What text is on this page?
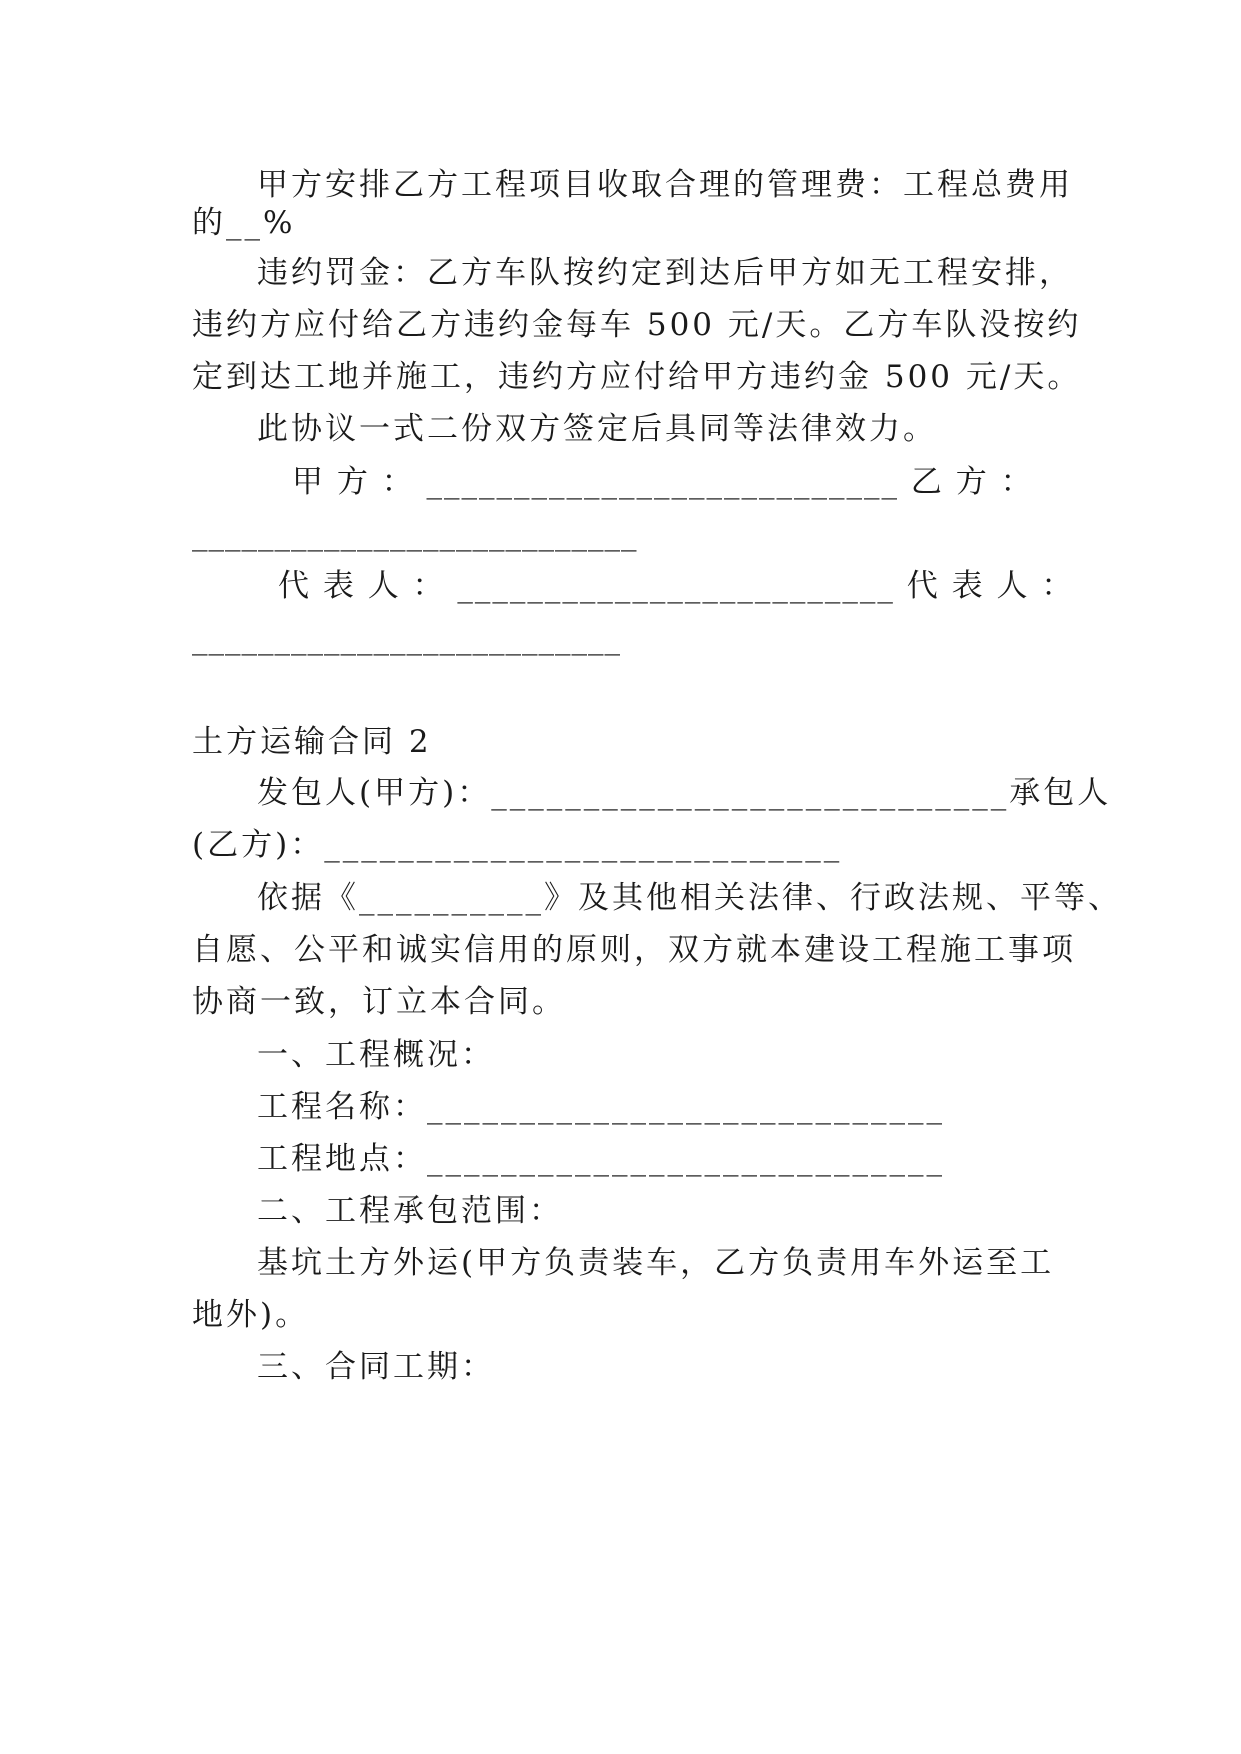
甲方安排乙方工程项目收取合理的管理费：工程总费用
的__%
违约罚金：乙方车队按约定到达后甲方如无工程安排，
违约方应付给乙方违约金每车 500 元/天。乙方车队没按约
定到达工地并施工，违约方应付给甲方违约金 500 元/天。
此协议一式二份双方签定后具同等法律效力。
甲 方 ： ___________________________ 乙 方 ：
___________________________
代 表 人 ： _________________________ 代 表 人 ：
__________________________
土方运输合同 2
发包人(甲方)：____________________________承包人
(乙方)：____________________________
依据《__________》及其他相关法律、行政法规、平等、
自愿、公平和诚实信用的原则，双方就本建设工程施工事项
协商一致，订立本合同。
一、工程概况：
工程名称：____________________________
工程地点：____________________________
二、工程承包范围：
基坑土方外运(甲方负责装车，乙方负责用车外运至工
地外)。
三、合同工期：
